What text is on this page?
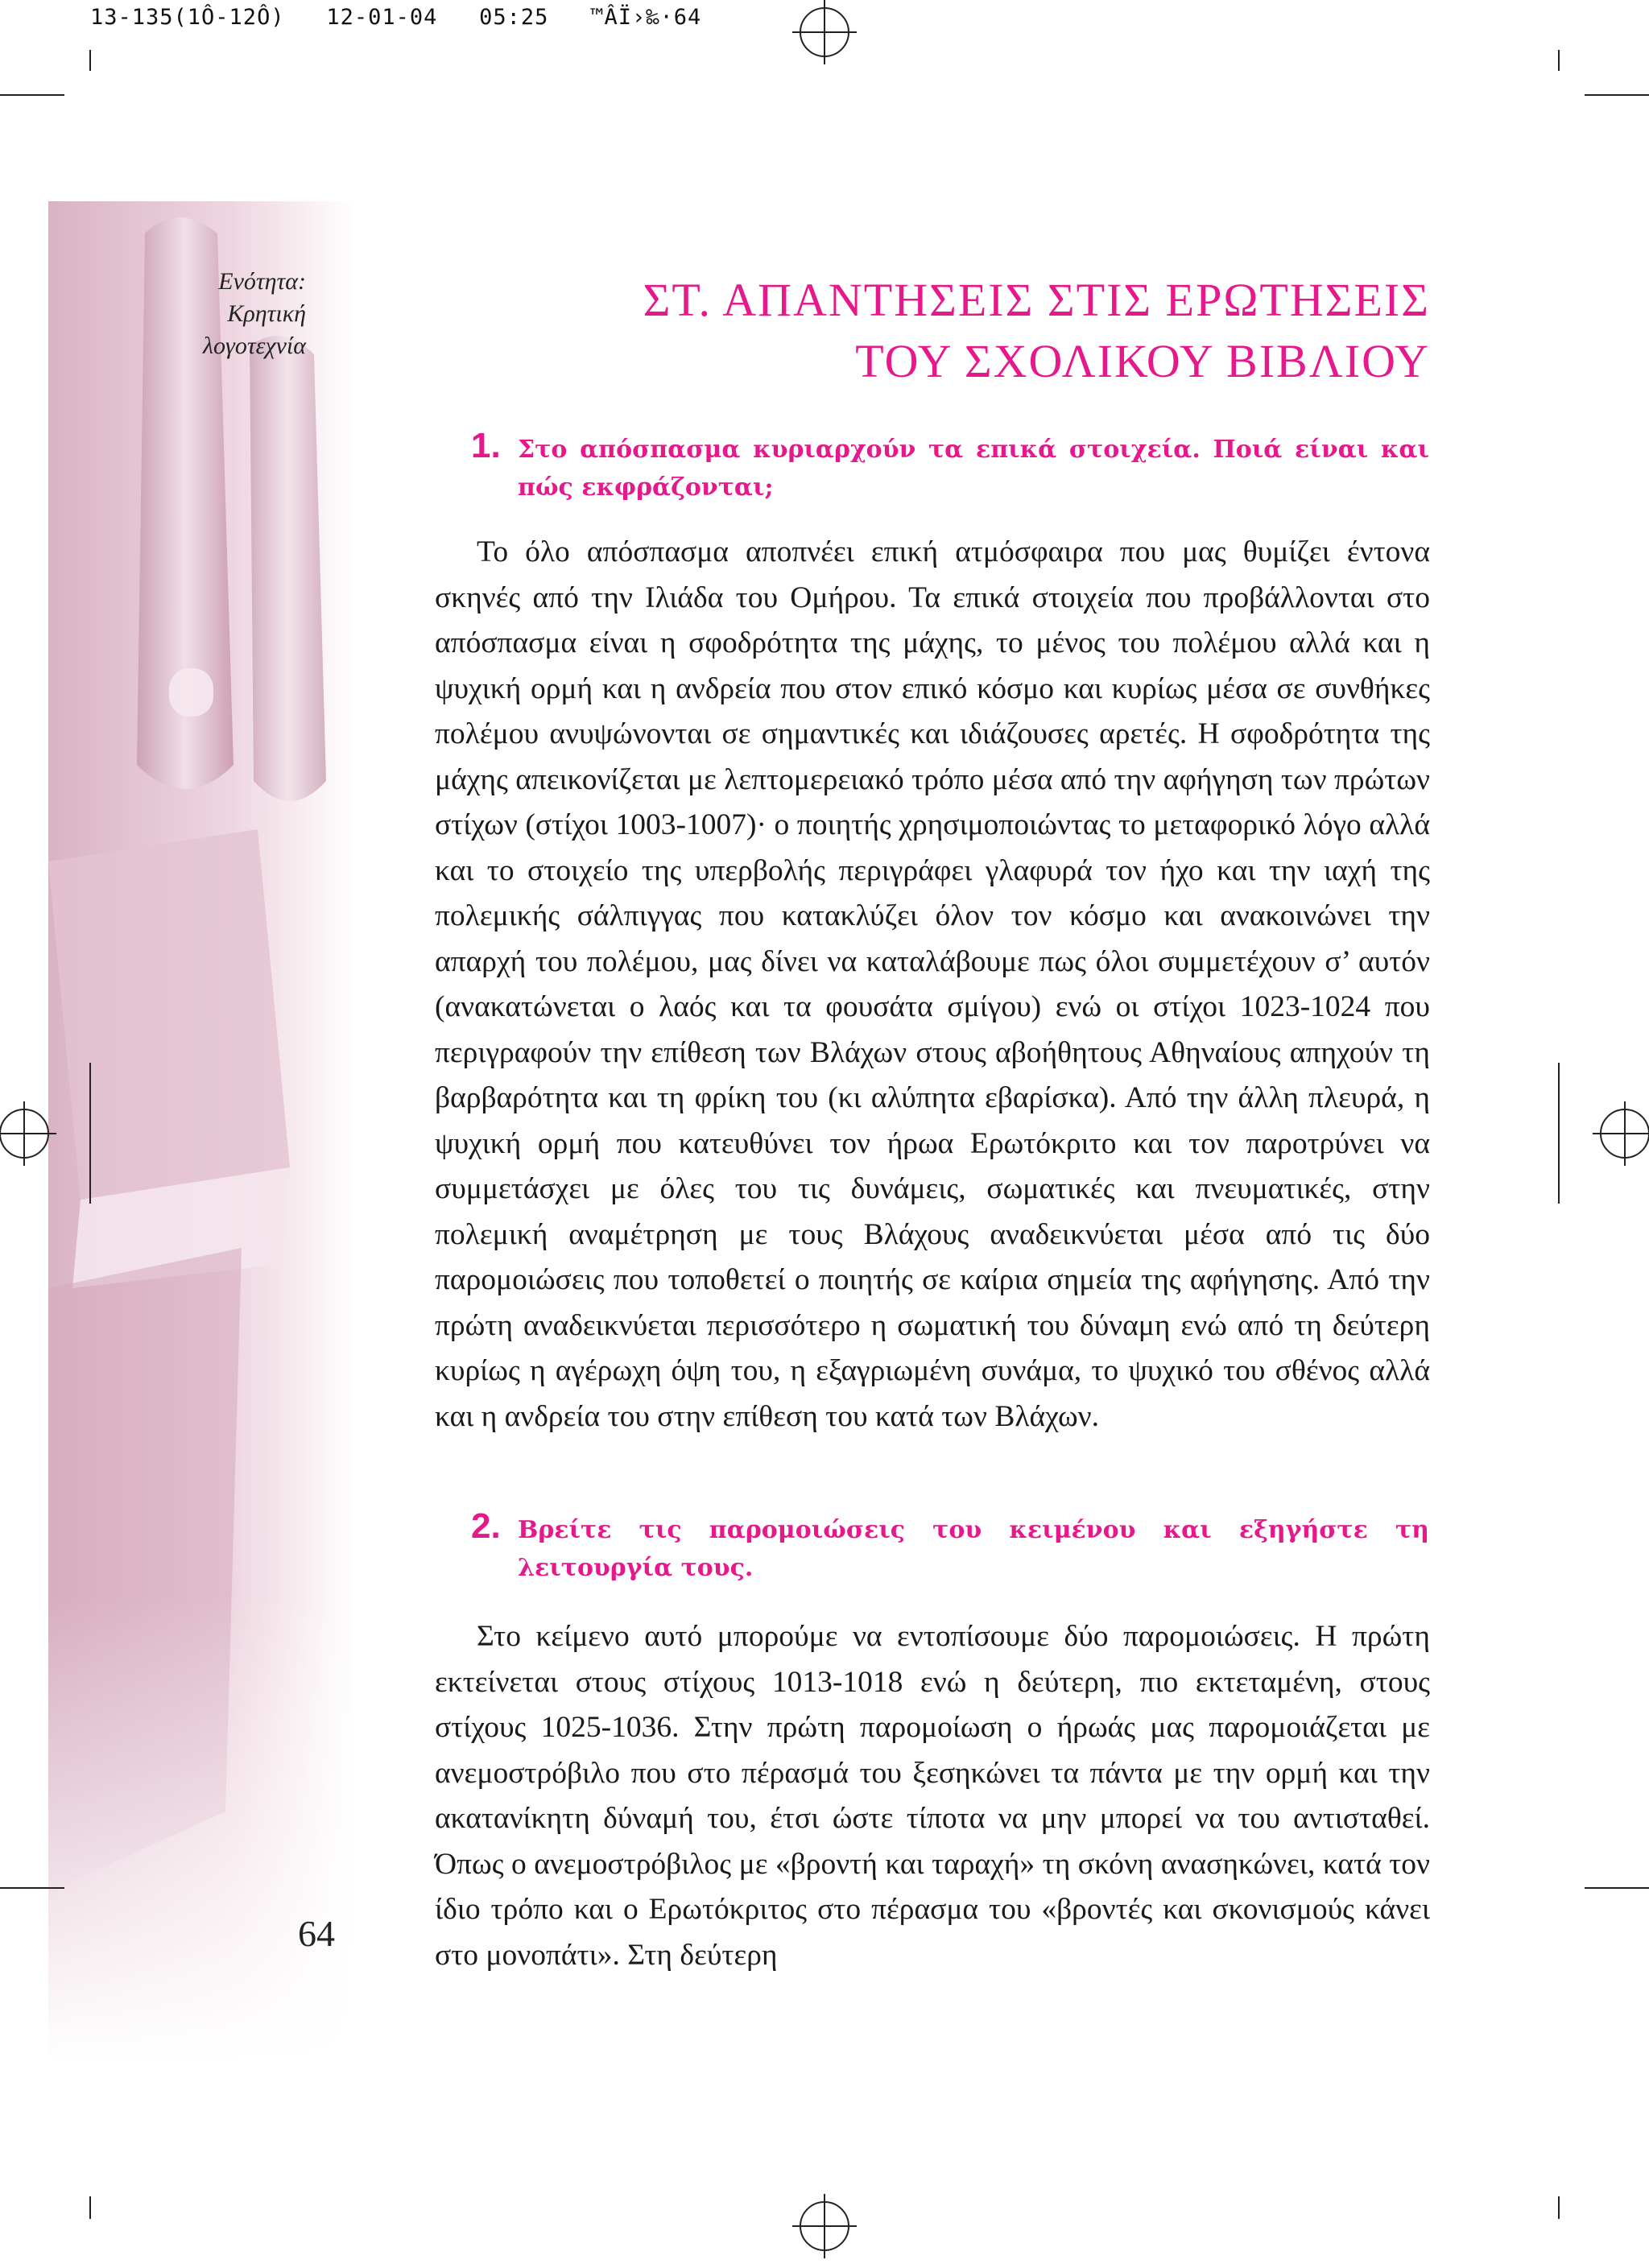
13-135(1Ô-12Ô)   12-01-04   05:25   ™ÂÏ›‰·64
Ενότητα:
Κρητική
λογοτεχνία
ΣΤ. ΑΠΑΝΤΗΣΕΙΣ ΣΤΙΣ ΕΡΩΤΗΣΕΙΣ
ΤΟΥ ΣΧΟΛΙΚΟΥ ΒΙΒΛΙΟΥ
1. Στο απόσπασμα κυριαρχούν τα επικά στοιχεία. Ποιά είναι και πώς εκφράζονται;

Το όλο απόσπασμα αποπνέει επική ατμόσφαιρα που μας θυμίζει έντονα σκηνές από την Ιλιάδα του Ομήρου. Τα επικά στοιχεία που προβάλλονται στο απόσπασμα είναι η σφοδρότητα της μάχης, το μένος του πολέμου αλλά και η ψυχική ορμή και η ανδρεία που στον επικό κόσμο και κυρίως μέσα σε συνθήκες πολέμου ανυψώνονται σε σημαντικές και ιδιάζουσες αρετές. Η σφοδρότητα της μάχης απεικονίζεται με λεπτομερειακό τρόπο μέσα από την αφήγηση των πρώτων στίχων (στίχοι 1003-1007)· ο ποιητής χρησιμοποιώντας το μεταφορικό λόγο αλλά και το στοιχείο της υπερβολής περιγράφει γλαφυρά τον ήχο και την ιαχή της πολεμικής σάλπιγγας που κατακλύζει όλον τον κόσμο και ανακοινώνει την απαρχή του πολέμου, μας δίνει να καταλάβουμε πως όλοι συμμετέχουν σ’ αυτόν (ανακατώνεται ο λαός και τα φουσάτα σμίγου) ενώ οι στίχοι 1023-1024 που περιγραφούν την επίθεση των Βλάχων στους αβοήθητους Αθηναίους απηχούν τη βαρβαρότητα και τη φρίκη του (κι αλύπητα εβαρίσκα). Από την άλλη πλευρά, η ψυχική ορμή που κατευθύνει τον ήρωα Ερωτόκριτο και τον παροτρύνει να συμμετάσχει με όλες του τις δυνάμεις, σωματικές και πνευματικές, στην πολεμική αναμέτρηση με τους Βλάχους αναδεικνύεται μέσα από τις δύο παρομοιώσεις που τοποθετεί ο ποιητής σε καίρια σημεία της αφήγησης. Από την πρώτη αναδεικνύεται περισσότερο η σωματική του δύναμη ενώ από τη δεύτερη κυρίως η αγέρωχη όψη του, η εξαγριωμένη συνάμα, το ψυχικό του σθένος αλλά και η ανδρεία του στην επίθεση του κατά των Βλάχων.

2. Βρείτε τις παρομοιώσεις του κειμένου και εξηγήστε τη λειτουργία τους.

Στο κείμενο αυτό μπορούμε να εντοπίσουμε δύο παρομοιώσεις. Η πρώτη εκτείνεται στους στίχους 1013-1018 ενώ η δεύτερη, πιο εκτεταμένη, στους στίχους 1025-1036. Στην πρώτη παρομοίωση ο ήρωάς μας παρομοιάζεται με ανεμοστρόβιλο που στο πέρασμά του ξεσηκώνει τα πάντα με την ορμή και την ακατανίκητη δύναμή του, έτσι ώστε τίποτα να μην μπορεί να του αντισταθεί. Όπως ο ανεμοστρόβιλος με «βροντή και ταραχή» τη σκόνη ανασηκώνει, κατά τον ίδιο τρόπο και ο Ερωτόκριτος στο πέρασμα του «βροντές και σκονισμούς κάνει στο μονοπάτι». Στη δεύτερη

64
